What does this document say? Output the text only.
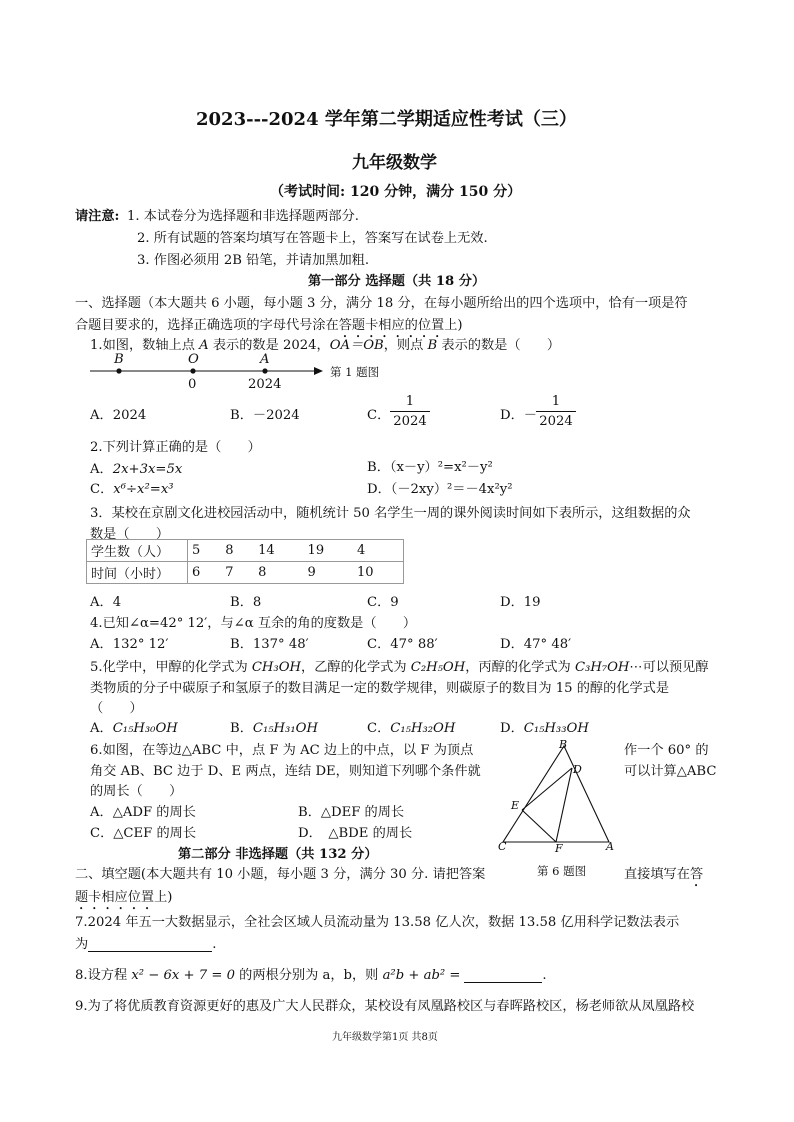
2023---2024 学年第二学期适应性考试（三）
九年级数学
（考试时间: 120 分钟，满分 150 分）
请注意: 1. 本试卷分为选择题和非选择题两部分.
2. 所有试题的答案均填写在答题卡上，答案写在试卷上无效.
3. 作图必须用 2B 铅笔，并请加黑加粗.
第一部分 选择题（共 18 分）
一、选择题（本大题共 6 小题，每小题 3 分，满分 18 分，在每小题所给出的四个选项中，恰有一项是符
合题目要求的，选择正确选项的字母代号涂在答题卡相应的位置上)
1.如图，数轴上点 A 表示的数是 2024，OA＝OB，则点 B 表示的数是（　　）
B	O	A
0	2024
第 1 题图
A．2024	B．－2024	C．
1
2024	D．－
1
2024
2.下列计算正确的是（　　）
A．2x+3x=5x	B．（x－y）²=x²－y²
C．x⁶÷x²=x³	D．（－2xy）²＝－4x²y²
3．某校在京剧文化进校园活动中，随机统计 50 名学生一周的课外阅读时间如下表所示，这组数据的众
数是（　　）
学生数（人）	5	8	14	19	4
时间（小时）	6	7	8	9	10
A．4	B．8	C．9	D．19
4.已知∠α=42° 12′，与∠α 互余的角的度数是（　　）
A．132° 12′	B．137° 48′	C．47° 88′	D．47° 48′
5.化学中，甲醇的化学式为 CH₃OH，乙醇的化学式为 C₂H₅OH，丙醇的化学式为 C₃H₇OH⋯可以预见醇
类物质的分子中碳原子和氢原子的数目满足一定的数学规律，则碳原子的数目为 15 的醇的化学式是
（　　）
A．C₁₅H₃₀OH	B．C₁₅H₃₁OH	C．C₁₅H₃₂OH	D．C₁₅H₃₃OH
6.如图，在等边△ABC 中，点 F 为 AC 边上的中点，以 F 为顶点	作一个 60° 的
角交 AB、BC 边于 D、E 两点，连结 DE，则知道下列哪个条件就	可以计算△ABC
的周长（　　）
A．△ADF 的周长	B．△DEF 的周长
C．△CEF 的周长	D．　△BDE 的周长
B
D
E
C	F	A
第 6 题图
第二部分 非选择题（共 132 分）
二、填空题(本大题共有 10 小题，每小题 3 分，满分 30 分. 请把答案	直接填写在答
题卡相应位置上)
7.2024 年五一大数据显示，全社会区域人员流动量为 13.58 亿人次，数据 13.58 亿用科学记数法表示
为	.
8.设方程 x² − 6x + 7 = 0 的两根分别为 a，b，则 a²b + ab² =	.
9.为了将优质教育资源更好的惠及广大人民群众，某校设有凤凰路校区与春晖路校区，杨老师欲从凤凰路校
九年级数学第1页 共8页
